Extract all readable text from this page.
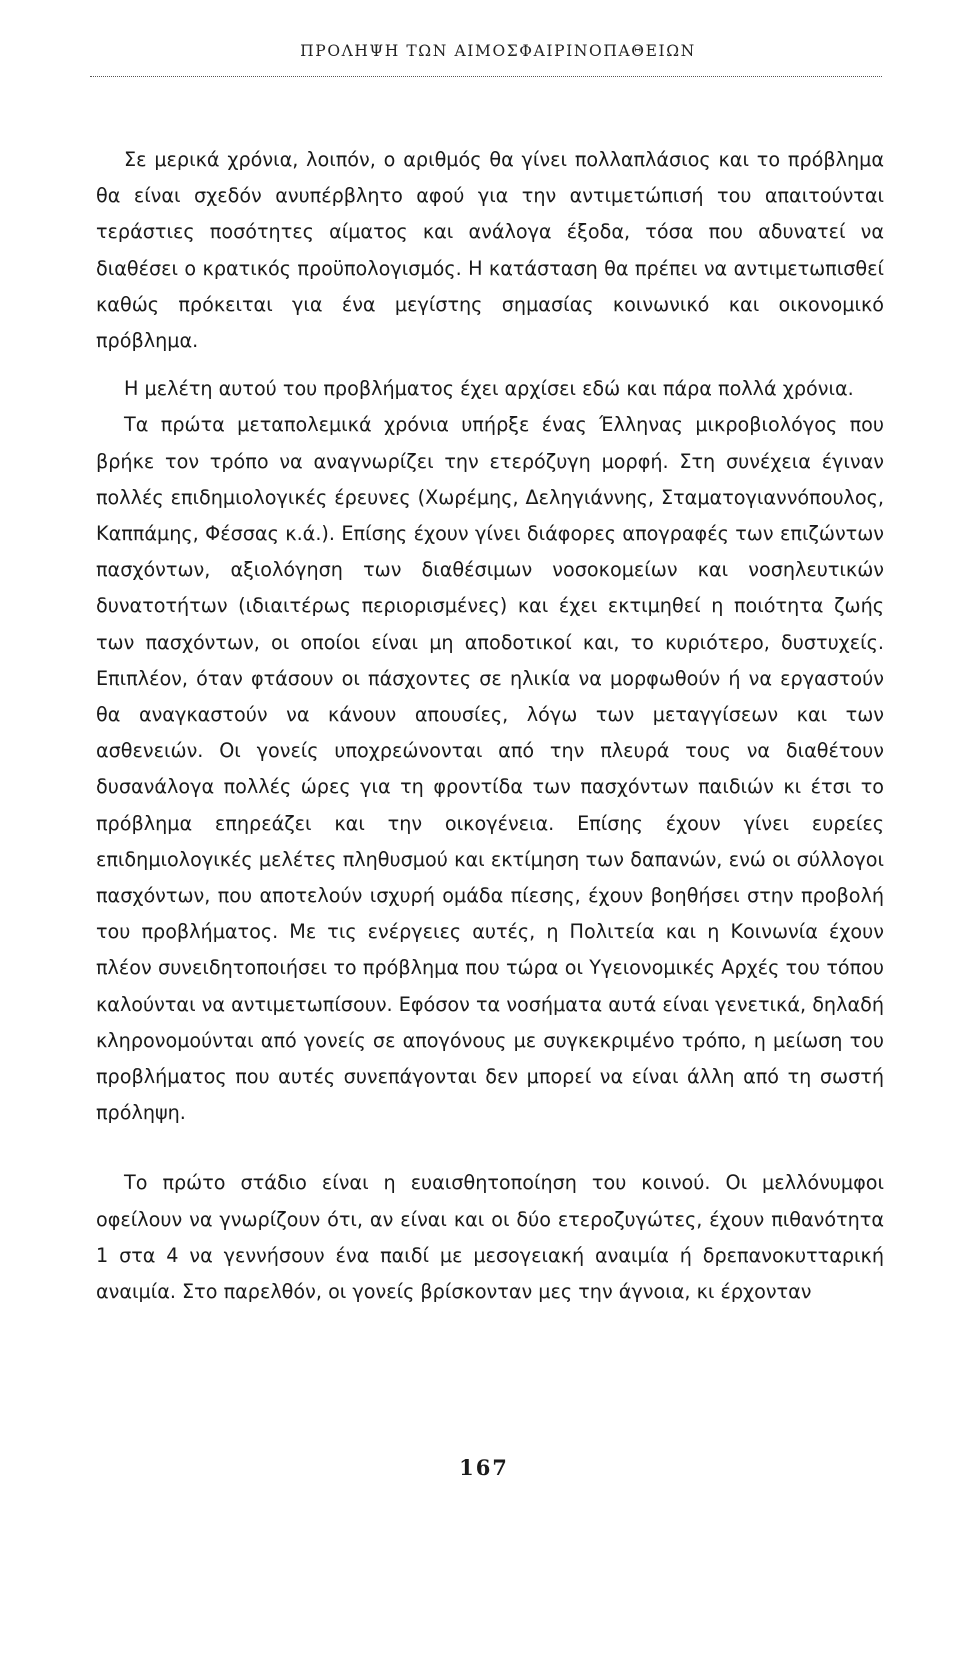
ΠΡΟΛΗΨΗ ΤΩΝ ΑΙΜΟΣΦΑΙΡΙΝΟΠΑΘΕΙΩΝ

Σε μερικά χρόνια, λοιπόν, ο αριθμός θα γίνει πολλαπλάσιος και το πρόβλημα θα είναι σχεδόν ανυπέρβλητο αφού για την αντιμετώπισή του απαιτούνται τεράστιες ποσότητες αίματος και ανάλογα έξοδα, τόσα που αδυνατεί να διαθέσει ο κρατικός προϋπολογισμός. Η κατάσταση θα πρέπει να αντιμετωπισθεί καθώς πρόκειται για ένα μεγίστης σημασίας κοινωνικό και οικονομικό πρόβλημα.

Η μελέτη αυτού του προβλήματος έχει αρχίσει εδώ και πάρα πολλά χρόνια.

Τα πρώτα μεταπολεμικά χρόνια υπήρξε ένας Έλληνας μικροβιολόγος που βρήκε τον τρόπο να αναγνωρίζει την ετερόζυγη μορφή. Στη συνέχεια έγιναν πολλές επιδημιολογικές έρευνες (Χωρέμης, Δεληγιάννης, Σταματογιαννόπουλος, Καππάμης, Φέσσας κ.ά.). Επίσης έχουν γίνει διάφορες απογραφές των επιζώντων πασχόντων, αξιολόγηση των διαθέσιμων νοσοκομείων και νοσηλευτικών δυνατοτήτων (ιδιαιτέρως περιορισμένες) και έχει εκτιμηθεί η ποιότητα ζωής των πασχόντων, οι οποίοι είναι μη αποδοτικοί και, το κυριότερο, δυστυχείς. Επιπλέον, όταν φτάσουν οι πάσχοντες σε ηλικία να μορφωθούν ή να εργαστούν θα αναγκαστούν να κάνουν απουσίες, λόγω των μεταγγίσεων και των ασθενειών. Οι γονείς υποχρεώνονται από την πλευρά τους να διαθέτουν δυσανάλογα πολλές ώρες για τη φροντίδα των πασχόντων παιδιών κι έτσι το πρόβλημα επηρεάζει και την οικογένεια. Επίσης έχουν γίνει ευρείες επιδημιολογικές μελέτες πληθυσμού και εκτίμηση των δαπανών, ενώ οι σύλλογοι πασχόντων, που αποτελούν ισχυρή ομάδα πίεσης, έχουν βοηθήσει στην προβολή του προβλήματος. Με τις ενέργειες αυτές, η Πολιτεία και η Κοινωνία έχουν πλέον συνειδητοποιήσει το πρόβλημα που τώρα οι Υγειονομικές Αρχές του τόπου καλούνται να αντιμετωπίσουν. Εφόσον τα νοσήματα αυτά είναι γενετικά, δηλαδή κληρονομούνται από γονείς σε απογόνους με συγκεκριμένο τρόπο, η μείωση του προβλήματος που αυτές συνεπάγονται δεν μπορεί να είναι άλλη από τη σωστή πρόληψη.

Το πρώτο στάδιο είναι η ευαισθητοποίηση του κοινού. Οι μελλόνυμφοι οφείλουν να γνωρίζουν ότι, αν είναι και οι δύο ετεροζυγώτες, έχουν πιθανότητα 1 στα 4 να γεννήσουν ένα παιδί με μεσογειακή αναιμία ή δρεπανοκυτταρική αναιμία. Στο παρελθόν, οι γονείς βρίσκονταν μες την άγνοια, κι έρχονταν

167
